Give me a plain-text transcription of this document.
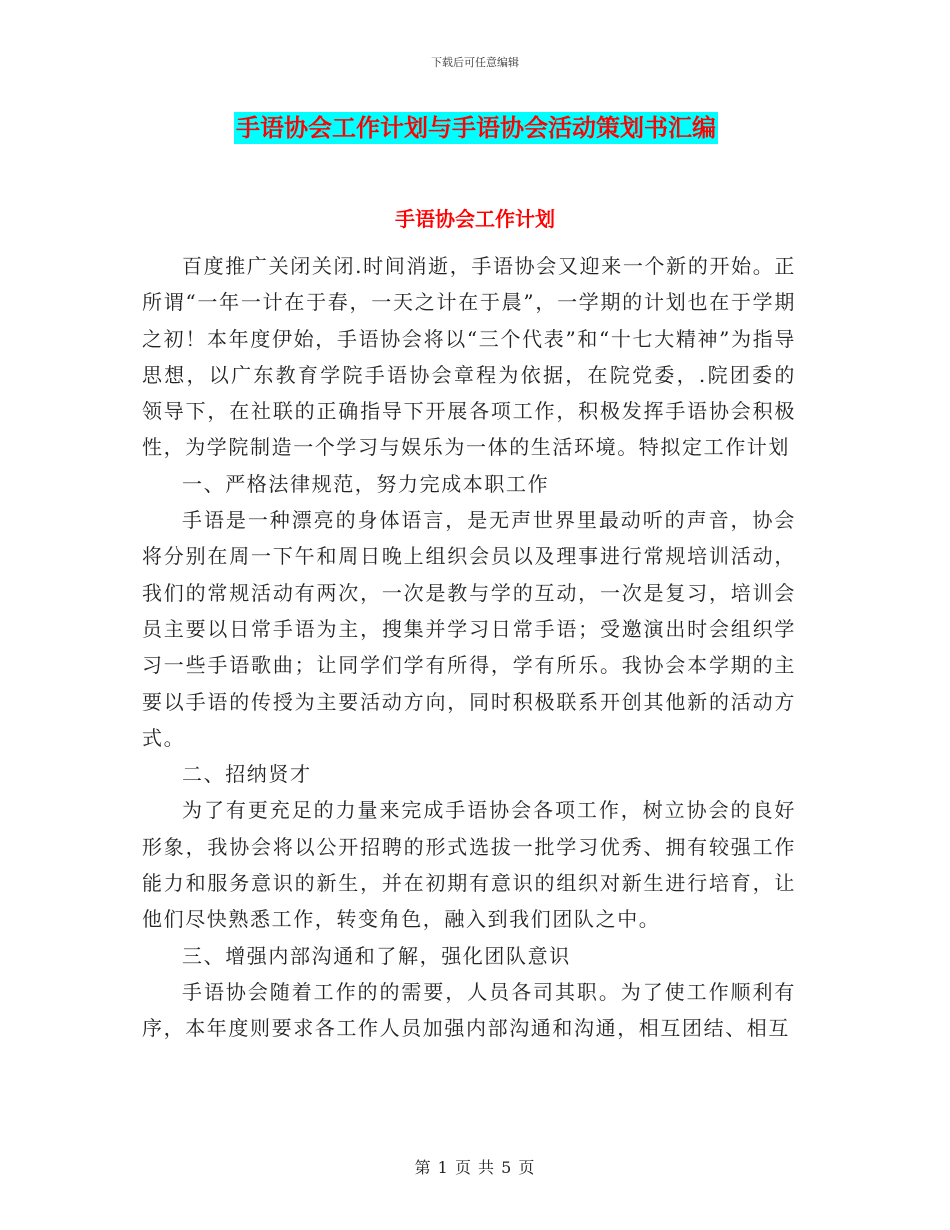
下载后可任意编辑
手语协会工作计划与手语协会活动策划书汇编
手语协会工作计划

百度推广关闭关闭.时间消逝，手语协会又迎来一个新的开始。正所谓“一年一计在于春，一天之计在于晨”，一学期的计划也在于学期之初！本年度伊始，手语协会将以“三个代表”和“十七大精神”为指导思想，以广东教育学院手语协会章程为依据，在院党委，.院团委的领导下，在社联的正确指导下开展各项工作，积极发挥手语协会积极性，为学院制造一个学习与娱乐为一体的生活环境。特拟定工作计划

一、严格法律规范，努力完成本职工作

手语是一种漂亮的身体语言，是无声世界里最动听的声音，协会将分别在周一下午和周日晚上组织会员以及理事进行常规培训活动，我们的常规活动有两次，一次是教与学的互动，一次是复习，培训会员主要以日常手语为主，搜集并学习日常手语；受邀演出时会组织学习一些手语歌曲；让同学们学有所得，学有所乐。我协会本学期的主要以手语的传授为主要活动方向，同时积极联系开创其他新的活动方式。

二、招纳贤才

为了有更充足的力量来完成手语协会各项工作，树立协会的良好形象，我协会将以公开招聘的形式选拔一批学习优秀、拥有较强工作能力和服务意识的新生，并在初期有意识的组织对新生进行培育，让他们尽快熟悉工作，转变角色，融入到我们团队之中。

三、增强内部沟通和了解，强化团队意识

手语协会随着工作的的需要，人员各司其职。为了使工作顺利有序，本年度则要求各工作人员加强内部沟通和沟通，相互团结、相互

第 1 页 共 5 页
